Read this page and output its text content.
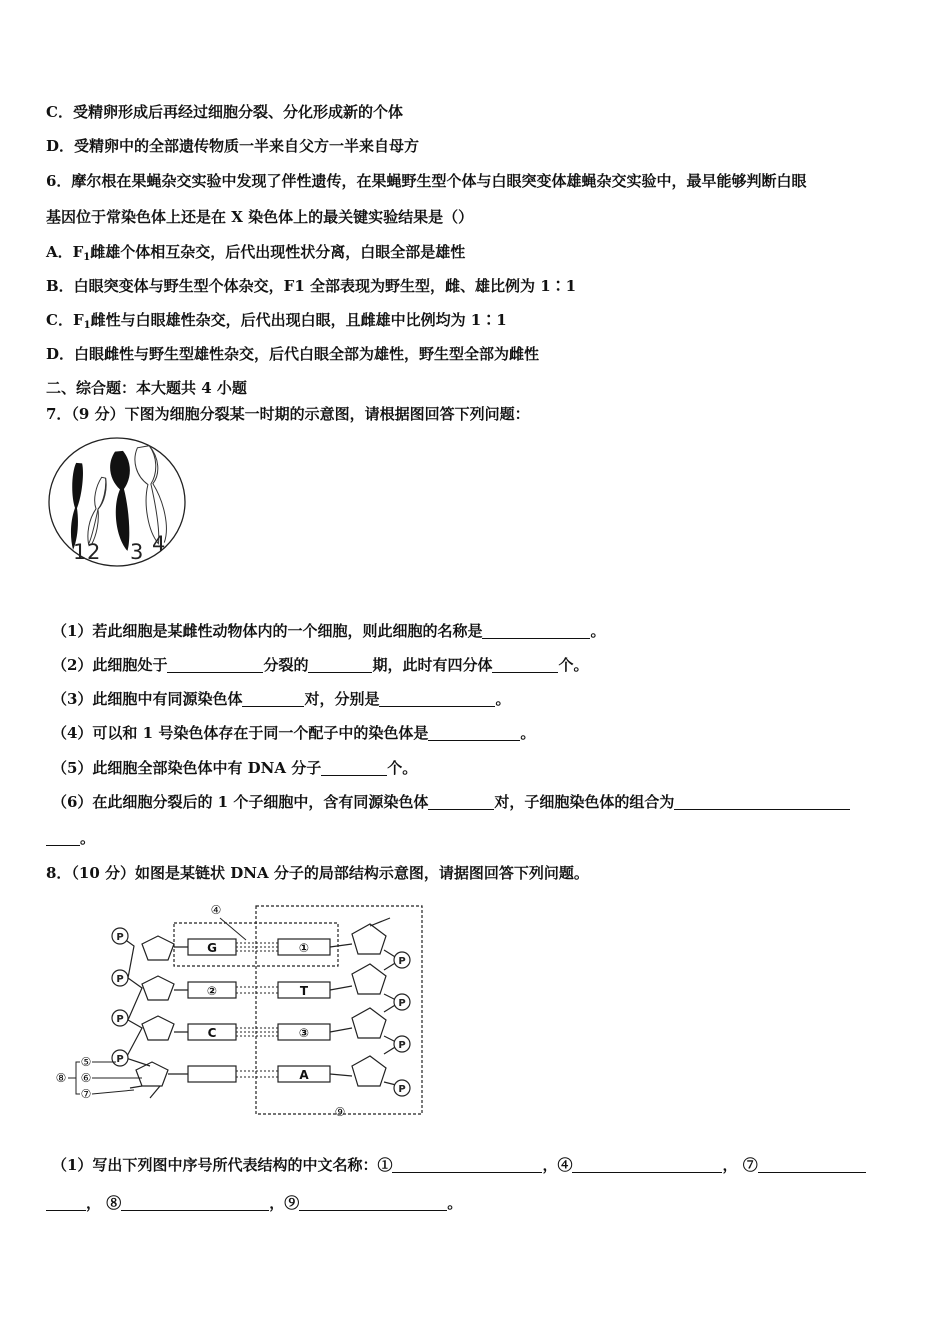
C．受精卵形成后再经过细胞分裂、分化形成新的个体
D．受精卵中的全部遗传物质一半来自父方一半来自母方
6．摩尔根在果蝇杂交实验中发现了伴性遗传，在果蝇野生型个体与白眼突变体雄蝇杂交实验中，最早能够判断白眼
基因位于常染色体上还是在 X 染色体上的最关键实验结果是（）
A．$F_1$雌雄个体相互杂交，后代出现性状分离，白眼全部是雄性
B．白眼突变体与野生型个体杂交，F1 全部表现为野生型，雌、雄比例为 1∶1
C．$F_1$雌性与白眼雄性杂交，后代出现白眼，且雌雄中比例均为 1∶1
D．白眼雌性与野生型雄性杂交，后代白眼全部为雄性，野生型全部为雌性
二、综合题：本大题共 4 小题
7．（9 分）下图为细胞分裂某一时期的示意图，请根据图回答下列问题：
1 2 3 4
（1）若此细胞是某雌性动物体内的一个细胞，则此细胞的名称是	。
（2）此细胞处于	分裂的	期，此时有四分体	个。
（3）此细胞中有同源染色体	对，分别是	。
（4）可以和 1 号染色体存在于同一个配子中的染色体是	。
（5）此细胞全部染色体中有 DNA 分子	个。
（6）在此细胞分裂后的 1 个子细胞中，含有同源染色体	对，子细胞染色体的组合为
。
8．（10 分）如图是某链状 DNA 分子的局部结构示意图，请据图回答下列问题。
P
P
P
P
P
P
P
P
G
②
C
①
T
③
A
④
⑤
⑥
⑦
⑧
⑨
（1）写出下列图中序号所代表结构的中文名称：①	，④	， ⑦
， ⑧	，⑨	。
